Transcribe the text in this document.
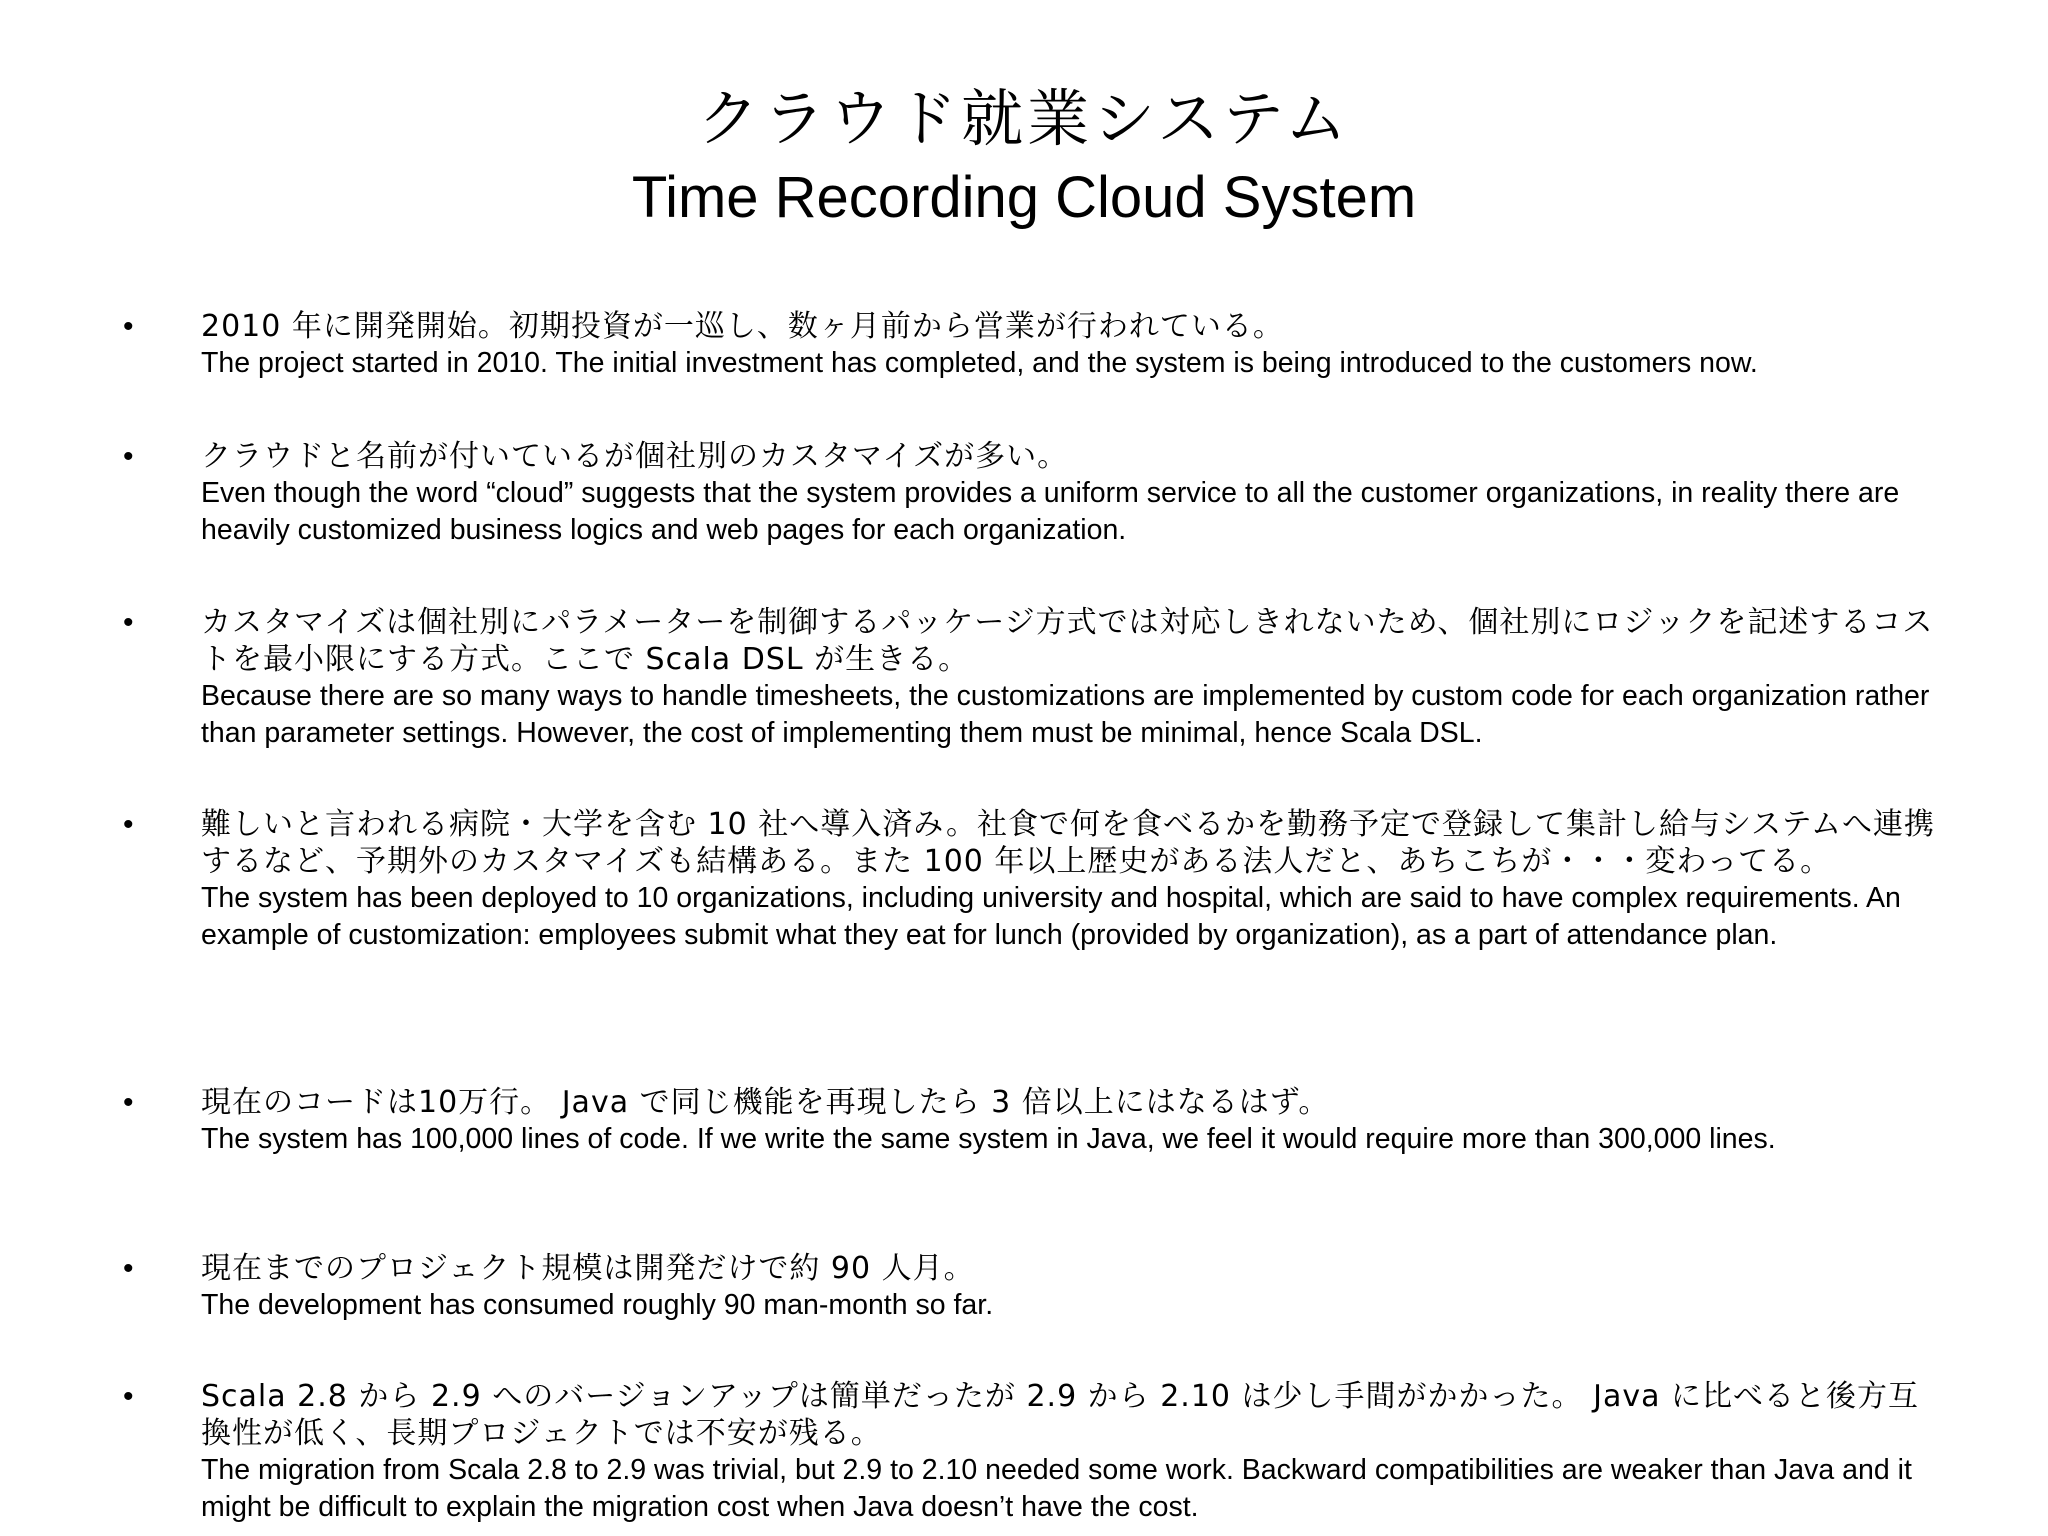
クラウド就業システム
Time Recording Cloud System
• 2010 年に開発開始。初期投資が一巡し、数ヶ月前から営業が行われている。
The project started in 2010. The initial investment has completed, and the system is being introduced to the customers now.
• クラウドと名前が付いているが個社別のカスタマイズが多い。
Even though the word “cloud” suggests that the system provides a uniform service to all the customer organizations, in reality there are heavily customized business logics and web pages for each organization.
• カスタマイズは個社別にパラメーターを制御するパッケージ方式では対応しきれないため、個社別にロジックを記述するコストを最小限にする方式。ここで Scala DSL が生きる。
Because there are so many ways to handle timesheets, the customizations are implemented by custom code for each organization rather than parameter settings. However, the cost of implementing them must be minimal, hence Scala DSL.
• 難しいと言われる病院・大学を含む 10 社へ導入済み。社食で何を食べるかを勤務予定で登録して集計し給与システムへ連携するなど、予期外のカスタマイズも結構ある。また 100 年以上歴史がある法人だと、あちこちが・・・変わってる。
The system has been deployed to 10 organizations, including university and hospital, which are said to have complex requirements. An example of customization: employees submit what they eat for lunch (provided by organization), as a part of attendance plan.
• 現在のコードは10万行。 Java で同じ機能を再現したら 3 倍以上にはなるはず。
The system has 100,000 lines of code. If we write the same system in Java, we feel it would require more than 300,000 lines.
• 現在までのプロジェクト規模は開発だけで約 90 人月。
The development has consumed roughly 90 man-month so far.
• Scala 2.8 から 2.9 へのバージョンアップは簡単だったが 2.9 から 2.10 は少し手間がかかった。 Java に比べると後方互換性が低く、長期プロジェクトでは不安が残る。
The migration from Scala 2.8 to 2.9 was trivial, but 2.9 to 2.10 needed some work. Backward compatibilities are weaker than Java and it might be difficult to explain the migration cost when Java doesn’t have the cost.
